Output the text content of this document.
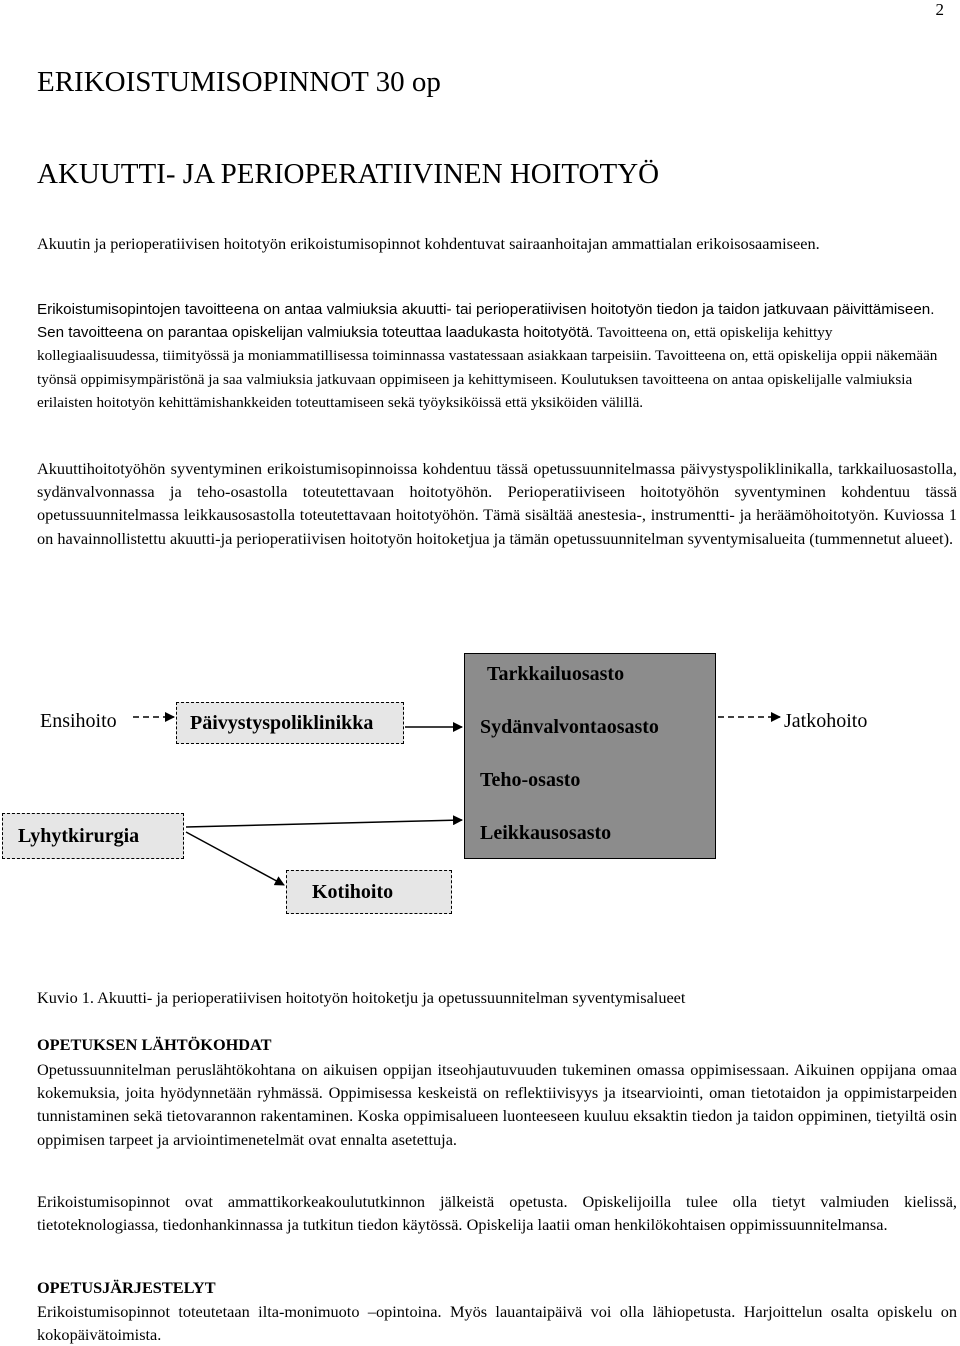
2
ERIKOISTUMISOPINNOT 30 op
AKUUTTI- JA PERIOPERATIIVINEN HOITOTYÖ

Akuutin ja perioperatiivisen hoitotyön erikoistumisopinnot kohdentuvat sairaanhoitajan ammattialan erikoisosaamiseen.

Erikoistumisopintojen tavoitteena on antaa valmiuksia akuutti- tai perioperatiivisen hoitotyön tiedon ja taidon jatkuvaan päivittämiseen. Sen tavoitteena on parantaa opiskelijan valmiuksia toteuttaa laadukasta hoitotyötä. Tavoitteena on, että opiskelija kehittyy kollegiaalisuudessa, tiimityössä ja moniammatillisessa toiminnassa vastatessaan asiakkaan tarpeisiin. Tavoitteena on, että opiskelija oppii näkemään työnsä oppimisympäristönä ja saa valmiuksia jatkuvaan oppimiseen ja kehittymiseen. Koulutuksen tavoitteena on antaa opiskelijalle valmiuksia erilaisten hoitotyön kehittämishankkeiden toteuttamiseen sekä työyksiköissä että yksiköiden välillä.

Akuuttihoitotyöhön syventyminen erikoistumisopinnoissa kohdentuu tässä opetussuunnitelmassa päivystyspoliklinikalla, tarkkailuosastolla, sydänvalvonnassa ja teho-osastolla toteutettavaan hoitotyöhön. Perioperatiiviseen hoitotyöhön syventyminen kohdentuu tässä opetussuunnitelmassa leikkausosastolla toteutettavaan hoitotyöhön. Tämä sisältää anestesia-, instrumentti- ja heräämöhoitotyön. Kuviossa 1 on havainnollistettu akuutti-ja perioperatiivisen hoitotyön hoitoketjua ja tämän opetussuunnitelman syventymisalueita (tummennetut alueet).

Ensihoito	Päivystyspoliklinikka
Tarkkailuosasto
Sydänvalvontaosasto
Teho-osasto
Leikkausosasto
Jatkohoito
Lyhytkirurgia
Kotihoito
Kuvio 1. Akuutti- ja perioperatiivisen hoitotyön hoitoketju ja opetussuunnitelman syventymisalueet
OPETUKSEN LÄHTÖKOHDAT

Opetussuunnitelman peruslähtökohtana on aikuisen oppijan itseohjautuvuuden tukeminen omassa oppimisessaan. Aikuinen oppijana omaa kokemuksia, joita hyödynnetään ryhmässä. Oppimisessa keskeistä on reflektiivisyys ja itsearviointi, oman tietotaidon ja oppimistarpeiden tunnistaminen sekä tietovarannon rakentaminen. Koska oppimisalueen luonteeseen kuuluu eksaktin tiedon ja taidon oppiminen, tietyiltä osin oppimisen tarpeet ja arviointimenetelmät ovat ennalta asetettuja.

Erikoistumisopinnot ovat ammattikorkeakoulututkinnon jälkeistä opetusta. Opiskelijoilla tulee olla tietyt valmiuden kielissä, tietoteknologiassa, tiedonhankinnassa ja tutkitun tiedon käytössä. Opiskelija laatii oman henkilökohtaisen oppimissuunnitelmansa.

OPETUSJÄRJESTELYT

Erikoistumisopinnot toteutetaan ilta-monimuoto –opintoina. Myös lauantaipäivä voi olla lähiopetusta. Harjoittelun osalta opiskelu on kokopäivätoimista.
